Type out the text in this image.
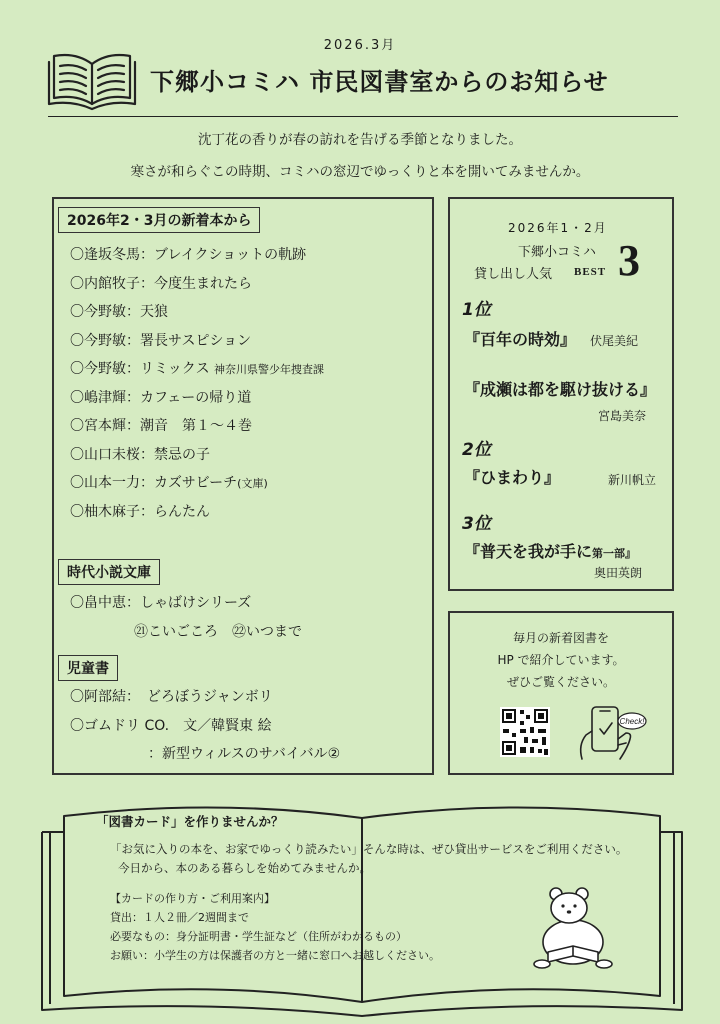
2026.3月
下郷小コミハ 市民図書室からのお知らせ
沈丁花の香りが春の訪れを告げる季節となりました。
寒さが和らぐこの時期、コミハの窓辺でゆっくりと本を開いてみませんか。
2026年2・3月の新着本から
〇逢坂冬馬：ブレイクショットの軌跡
〇内館牧子：今度生まれたら
〇今野敏：天狼
〇今野敏：署長サスピション
〇今野敏：リミックス 神奈川県警少年捜査課
〇嶋津輝：カフェーの帰り道
〇宮本輝：潮音　第１～４巻
〇山口未桜：禁忌の子
〇山本一力：カズサビーチ(文庫)
〇柚木麻子：らんたん
時代小説文庫
〇畠中恵：しゃばけシリーズ
㉑こいごころ　㉒いつまで
児童書
〇阿部結：　どろぼうジャンボリ
〇ゴムドリ CO.　文／韓賢東 絵
：新型ウィルスのサバイバル②
2026年1・2月
下郷小コミハ
貸し出し人気 BEST 3
1位
『百年の時効』 伏尾美紀
『成瀬は都を駆け抜ける』
宮島美奈
2位
『ひまわり』	新川帆立
3位
『普天を我が手に第一部』
奥田英朗
毎月の新着図書を
HP で紹介しています。
ぜひご覧ください。
Check!
「図書カード」を作りませんか？
「お気に入りの本を、お家でゆっくり読みたい」そんな時は、ぜひ貸出サービスをご利用ください。
今日から、本のある暮らしを始めてみませんか。
【カードの作り方・ご利用案内】
貸出：１人２冊／2週間まで
必要なもの：身分証明書・学生証など（住所がわかるもの）
お願い：小学生の方は保護者の方と一緒に窓口へお越しください。
